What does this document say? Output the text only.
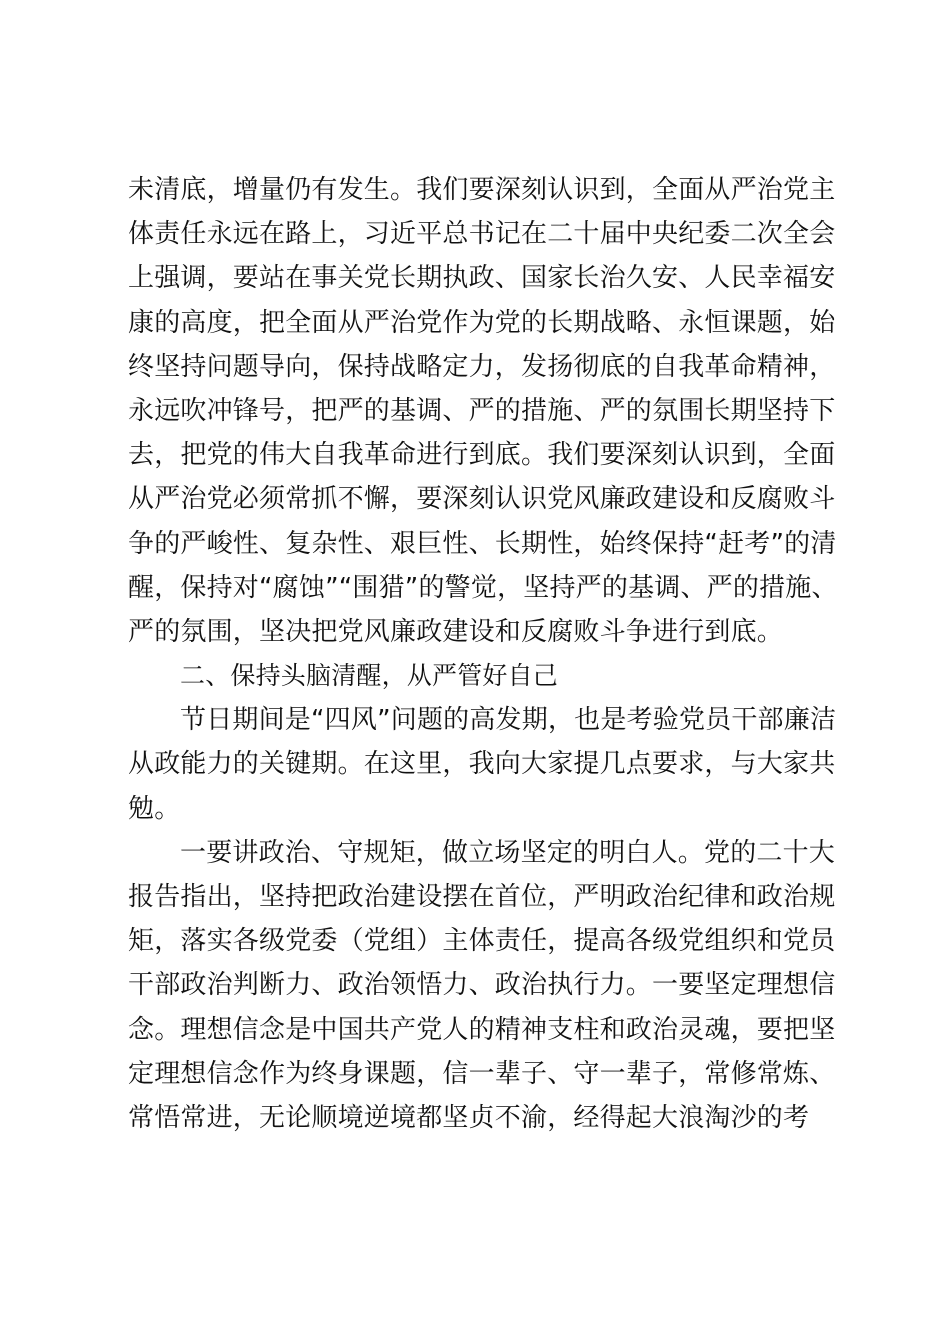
未清底，增量仍有发生。我们要深刻认识到，全面从严治党主
体责任永远在路上，习近平总书记在二十届中央纪委二次全会
上强调，要站在事关党长期执政、国家长治久安、人民幸福安
康的高度，把全面从严治党作为党的长期战略、永恒课题，始
终坚持问题导向，保持战略定力，发扬彻底的自我革命精神，
永远吹冲锋号，把严的基调、严的措施、严的氛围长期坚持下
去，把党的伟大自我革命进行到底。我们要深刻认识到，全面
从严治党必须常抓不懈，要深刻认识党风廉政建设和反腐败斗
争的严峻性、复杂性、艰巨性、长期性，始终保持“赶考”的清
醒，保持对“腐蚀”“围猎”的警觉，坚持严的基调、严的措施、
严的氛围，坚决把党风廉政建设和反腐败斗争进行到底。
二、保持头脑清醒，从严管好自己
节日期间是“四风”问题的高发期，也是考验党员干部廉洁
从政能力的关键期。在这里，我向大家提几点要求，与大家共
勉。
一要讲政治、守规矩，做立场坚定的明白人。党的二十大
报告指出，坚持把政治建设摆在首位，严明政治纪律和政治规
矩，落实各级党委（党组）主体责任，提高各级党组织和党员
干部政治判断力、政治领悟力、政治执行力。一要坚定理想信
念。理想信念是中国共产党人的精神支柱和政治灵魂，要把坚
定理想信念作为终身课题，信一辈子、守一辈子，常修常炼、
常悟常进，无论顺境逆境都坚贞不渝，经得起大浪淘沙的考
